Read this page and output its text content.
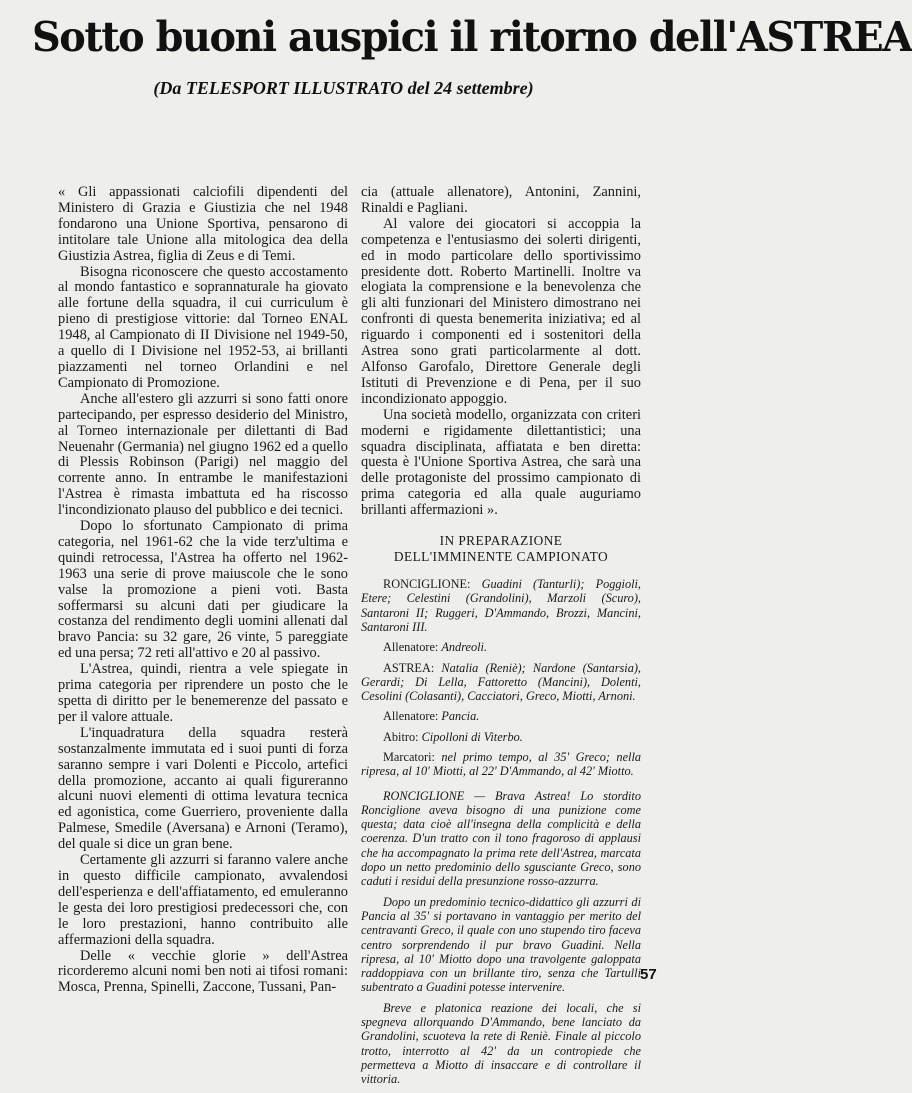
Sotto buoni auspici il ritorno dell'ASTREA
(Da TELESPORT ILLUSTRATO del 24 settembre)

« Gli appassionati calciofili dipendenti del Ministero di Grazia e Giustizia che nel 1948 fondarono una Unione Sportiva, pensarono di intitolare tale Unione alla mitologica dea della Giustizia Astrea, figlia di Zeus e di Temi.

Bisogna riconoscere che questo accostamento al mondo fantastico e soprannaturale ha giovato alle fortune della squadra, il cui curriculum è pieno di prestigiose vittorie: dal Torneo ENAL 1948, al Campionato di II Divisione nel 1949-50, a quello di I Divisione nel 1952-53, ai brillanti piazzamenti nel torneo Orlandini e nel Campionato di Promozione.

Anche all'estero gli azzurri si sono fatti onore partecipando, per espresso desiderio del Ministro, al Torneo internazionale per dilettanti di Bad Neuenahr (Germania) nel giugno 1962 ed a quello di Plessis Robinson (Parigi) nel maggio del corrente anno. In entrambe le manifestazioni l'Astrea è rimasta imbattuta ed ha riscosso l'incondizionato plauso del pubblico e dei tecnici.

Dopo lo sfortunato Campionato di prima categoria, nel 1961-62 che la vide terz'ultima e quindi retrocessa, l'Astrea ha offerto nel 1962-1963 una serie di prove maiuscole che le sono valse la promozione a pieni voti. Basta soffermarsi su alcuni dati per giudicare la costanza del rendimento degli uomini allenati dal bravo Pancia: su 32 gare, 26 vinte, 5 pareggiate ed una persa; 72 reti all'attivo e 20 al passivo.

L'Astrea, quindi, rientra a vele spiegate in prima categoria per riprendere un posto che le spetta di diritto per le benemerenze del passato e per il valore attuale.

L'inquadratura della squadra resterà sostanzalmente immutata ed i suoi punti di forza saranno sempre i vari Dolenti e Piccolo, artefici della promozione, accanto ai quali figureranno alcuni nuovi elementi di ottima levatura tecnica ed agonistica, come Guerriero, proveniente dalla Palmese, Smedile (Aversana) e Arnoni (Teramo), del quale si dice un gran bene.

Certamente gli azzurri si faranno valere anche in questo difficile campionato, avvalendosi dell'esperienza e dell'affiatamento, ed emuleranno le gesta dei loro prestigiosi predecessori che, con le loro prestazioni, hanno contribuito alle affermazioni della squadra.

Delle « vecchie glorie » dell'Astrea ricorderemo alcuni nomi ben noti ai tifosi romani: Mosca, Prenna, Spinelli, Zaccone, Tussani, Pan-

cia (attuale allenatore), Antonini, Zannini, Rinaldi e Pagliani.

Al valore dei giocatori si accoppia la competenza e l'entusiasmo dei solerti dirigenti, ed in modo particolare dello sportivissimo presidente dott. Roberto Martinelli. Inoltre va elogiata la comprensione e la benevolenza che gli alti funzionari del Ministero dimostrano nei confronti di questa benemerita iniziativa; ed al riguardo i componenti ed i sostenitori della Astrea sono grati particolarmente al dott. Alfonso Garofalo, Direttore Generale degli Istituti di Prevenzione e di Pena, per il suo incondizionato appoggio.

Una società modello, organizzata con criteri moderni e rigidamente dilettantistici; una squadra disciplinata, affiatata e ben diretta: questa è l'Unione Sportiva Astrea, che sarà una delle protagoniste del prossimo campionato di prima categoria ed alla quale auguriamo brillanti affermazioni ».

IN PREPARAZIONE
DELL'IMMINENTE CAMPIONATO

RONCIGLIONE: Guadini (Tanturli); Poggioli, Etere; Celestini (Grandolini), Marzoli (Scuro), Santaroni II; Ruggeri, D'Ammando, Brozzi, Mancini, Santaroni III.

Allenatore: Andreoli.

ASTREA: Natalia (Reniè); Nardone (Santarsia), Gerardi; Di Lella, Fattoretto (Mancini), Dolenti, Cesolini (Colasanti), Cacciatori, Greco, Miotti, Arnoni.

Allenatore: Pancia.

Abitro: Cipolloni di Viterbo.

Marcatori: nel primo tempo, al 35' Greco; nella ripresa, al 10' Miotti, al 22' D'Ammando, al 42' Miotto.

RONCIGLIONE — Brava Astrea! Lo stordito Ronciglione aveva bisogno di una punizione come questa; data cioè all'insegna della complicità e della coerenza. D'un tratto con il tono fragoroso di applausi che ha accompagnato la prima rete dell'Astrea, marcata dopo un netto predominio dello sgusciante Greco, sono caduti i residui della presunzione rosso-azzurra.

Dopo un predominio tecnico-didattico gli azzurri di Pancia al 35' si portavano in vantaggio per merito del centravanti Greco, il quale con uno stupendo tiro faceva centro sorprendendo il pur bravo Guadini. Nella ripresa, al 10' Miotto dopo una travolgente galoppata raddoppiava con un brillante tiro, senza che Tartulli subentrato a Guadini potesse intervenire.

Breve e platonica reazione dei locali, che si spegneva allorquando D'Ammando, bene lanciato da Grandolini, scuoteva la rete di Reniè. Finale al piccolo trotto, interrotto al 42' da un contropiede che permetteva a Miotto di insaccare e di controllare il vittoria.

57
